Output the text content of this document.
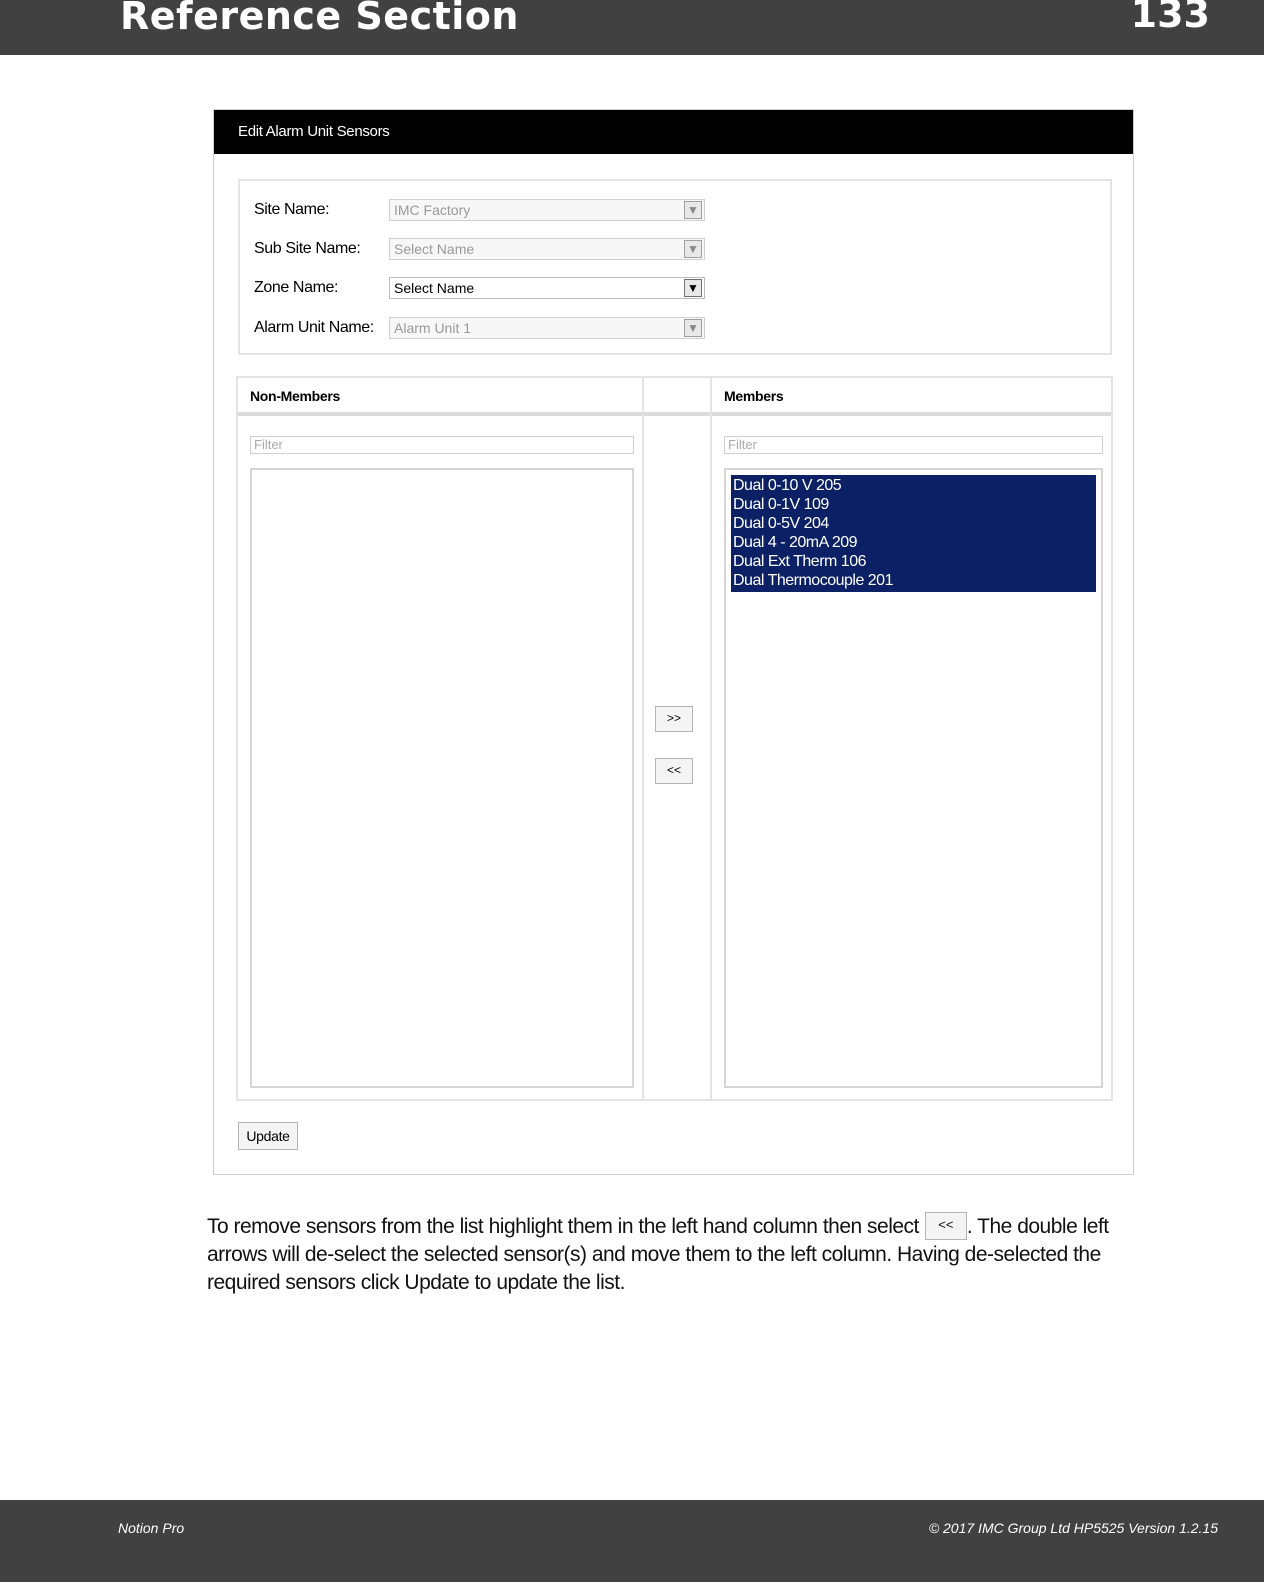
Reference Section	133
Edit Alarm Unit Sensors
Site Name:	IMC Factory	▼
Sub Site Name:	Select Name	▼
Zone Name:	Select Name	▼
Alarm Unit Name:	Alarm Unit 1	▼
Non-Members
Filter
>>
<<
Members
Filter
Dual 0-10 V 205
Dual 0-1V 109
Dual 0-5V 204
Dual 4 - 20mA 209
Dual Ext Therm 106
Dual Thermocouple 201
Update
To remove sensors from the list highlight them in the left hand column then select << . The double left arrows will de-select the selected sensor(s) and move them to the left column. Having de-selected the required sensors click Update to update the list.
Notion Pro	© 2017 IMC Group Ltd HP5525 Version 1.2.15
